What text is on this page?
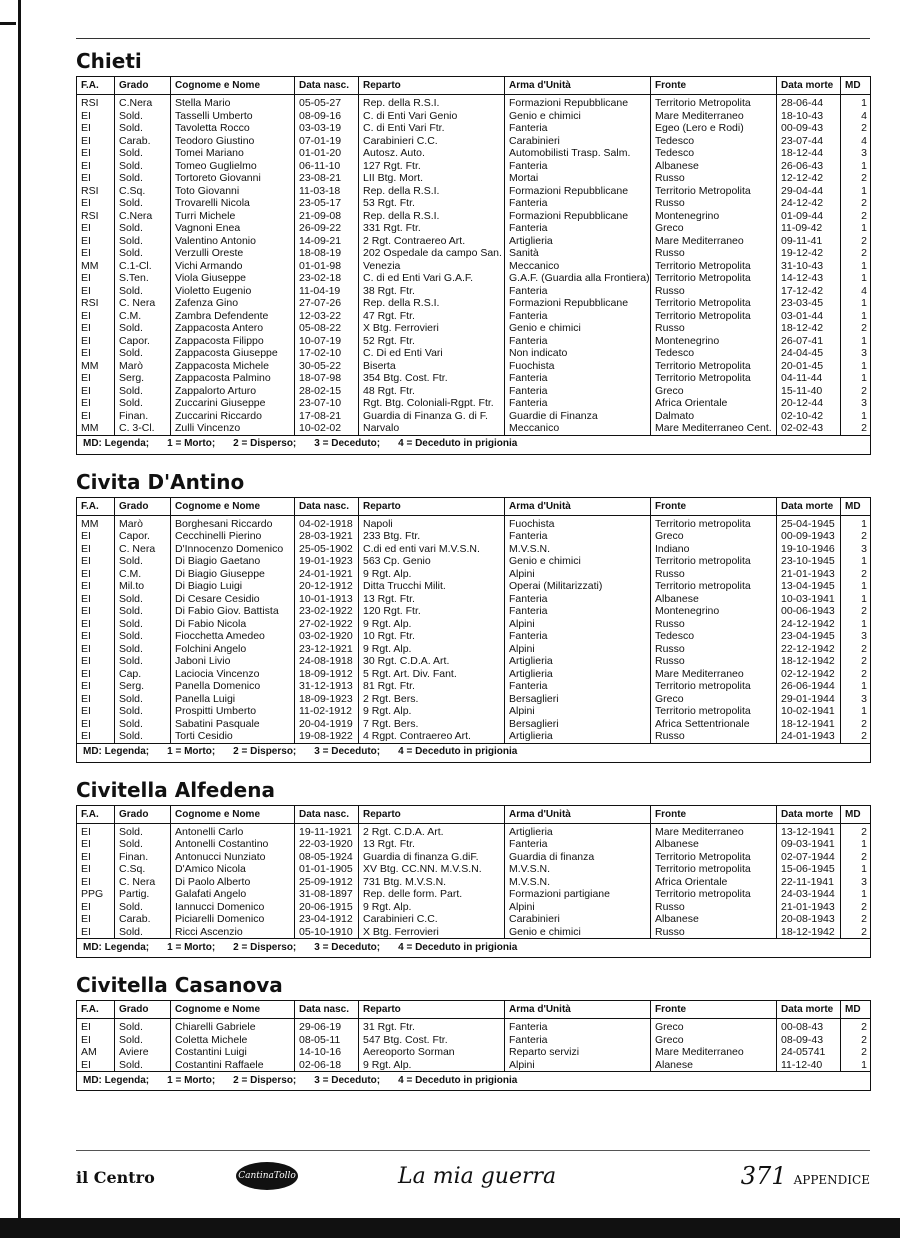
Chieti
F.A.	Grado	Cognome e Nome	Data nasc.	Reparto	Arma d'Unità	Fronte	Data morte	MD
RSI	C.Nera	Stella Mario	05-05-27	Rep. della R.S.I.	Formazioni Repubblicane	Territorio Metropolita	28-06-44	1
EI	Sold.	Tasselli Umberto	08-09-16	C. di Enti Vari Genio	Genio e chimici	Mare Mediterraneo	18-10-43	4
EI	Sold.	Tavoletta Rocco	03-03-19	C. di Enti Vari Ftr.	Fanteria	Egeo (Lero e Rodi)	00-09-43	2
EI	Carab.	Teodoro Giustino	07-01-19	Carabinieri C.C.	Carabinieri	Tedesco	23-07-44	4
EI	Sold.	Tomei Mariano	01-01-20	Autosz. Auto.	Automobilisti Trasp. Salm.	Tedesco	18-12-44	3
EI	Sold.	Tomeo Guglielmo	06-11-10	127 Rgt. Ftr.	Fanteria	Albanese	26-06-43	1
EI	Sold.	Tortoreto Giovanni	23-08-21	LII Btg. Mort.	Mortai	Russo	12-12-42	2
RSI	C.Sq.	Toto Giovanni	11-03-18	Rep. della R.S.I.	Formazioni Repubblicane	Territorio Metropolita	29-04-44	1
EI	Sold.	Trovarelli Nicola	23-05-17	53 Rgt. Ftr.	Fanteria	Russo	24-12-42	2
RSI	C.Nera	Turri Michele	21-09-08	Rep. della R.S.I.	Formazioni Repubblicane	Montenegrino	01-09-44	2
EI	Sold.	Vagnoni Enea	26-09-22	331 Rgt. Ftr.	Fanteria	Greco	11-09-42	1
EI	Sold.	Valentino Antonio	14-09-21	2 Rgt. Contraereo Art.	Artiglieria	Mare Mediterraneo	09-11-41	2
EI	Sold.	Verzulli Oreste	18-08-19	202 Ospedale da campo San.	Sanità	Russo	19-12-42	2
MM	C.1-Cl.	Vichi Armando	01-01-98	Venezia	Meccanico	Territorio Metropolita	31-10-43	1
EI	S.Ten.	Viola Giuseppe	23-02-18	C. di ed Enti Vari G.A.F.	G.A.F. (Guardia alla Frontiera)	Territorio Metropolita	14-12-43	1
EI	Sold.	Violetto Eugenio	11-04-19	38 Rgt. Ftr.	Fanteria	Russo	17-12-42	4
RSI	C. Nera	Zafenza Gino	27-07-26	Rep. della R.S.I.	Formazioni Repubblicane	Territorio Metropolita	23-03-45	1
EI	C.M.	Zambra Defendente	12-03-22	47 Rgt. Ftr.	Fanteria	Territorio Metropolita	03-01-44	1
EI	Sold.	Zappacosta Antero	05-08-22	X Btg. Ferrovieri	Genio e chimici	Russo	18-12-42	2
EI	Capor.	Zappacosta Filippo	10-07-19	52 Rgt. Ftr.	Fanteria	Montenegrino	26-07-41	1
EI	Sold.	Zappacosta Giuseppe	17-02-10	C. Di ed Enti Vari	Non indicato	Tedesco	24-04-45	3
MM	Marò	Zappacosta Michele	30-05-22	Biserta	Fuochista	Territorio Metropolita	20-01-45	1
EI	Serg.	Zappacosta Palmino	18-07-98	354 Btg. Cost. Ftr.	Fanteria	Territorio Metropolita	04-11-44	1
EI	Sold.	Zappalorto Arturo	28-02-15	48 Rgt. Ftr.	Fanteria	Greco	15-11-40	2
EI	Sold.	Zuccarini Giuseppe	23-07-10	Rgt. Btg. Coloniali-Rgpt. Ftr.	Fanteria	Africa Orientale	20-12-44	3
EI	Finan.	Zuccarini Riccardo	17-08-21	Guardia di Finanza G. di F.	Guardie di Finanza	Dalmato	02-10-42	1
MM	C. 3-Cl.	Zulli Vincenzo	10-02-02	Narvalo	Meccanico	Mare Mediterraneo Cent.	02-02-43	2
MD: Legenda; 1 = Morto; 2 = Disperso; 3 = Deceduto; 4 = Deceduto in prigionia								
Civita D'Antino
F.A.	Grado	Cognome e Nome	Data nasc.	Reparto	Arma d'Unità	Fronte	Data morte	MD
MM	Marò	Borghesani Riccardo	04-02-1918	Napoli	Fuochista	Territorio metropolita	25-04-1945	1
EI	Capor.	Cecchinelli Pierino	28-03-1921	233 Btg. Ftr.	Fanteria	Greco	00-09-1943	2
EI	C. Nera	D'Innocenzo Domenico	25-05-1902	C.di ed enti vari M.V.S.N.	M.V.S.N.	Indiano	19-10-1946	3
EI	Sold.	Di Biagio Gaetano	19-01-1923	563 Cp. Genio	Genio e chimici	Territorio metropolita	23-10-1945	1
EI	C.M.	Di Biagio Giuseppe	24-01-1921	9 Rgt. Alp.	Alpini	Russo	21-01-1943	2
EI	Mil.to	Di Biagio Luigi	20-12-1912	Ditta Trucchi Milit.	Operai (Militarizzati)	Territorio metropolita	13-04-1945	1
EI	Sold.	Di Cesare Cesidio	10-01-1913	13 Rgt. Ftr.	Fanteria	Albanese	10-03-1941	1
EI	Sold.	Di Fabio Giov. Battista	23-02-1922	120 Rgt. Ftr.	Fanteria	Montenegrino	00-06-1943	2
EI	Sold.	Di Fabio Nicola	27-02-1922	9 Rgt. Alp.	Alpini	Russo	24-12-1942	1
EI	Sold.	Fiocchetta Amedeo	03-02-1920	10 Rgt. Ftr.	Fanteria	Tedesco	23-04-1945	3
EI	Sold.	Folchini Angelo	23-12-1921	9 Rgt. Alp.	Alpini	Russo	22-12-1942	2
EI	Sold.	Jaboni Livio	24-08-1918	30 Rgt. C.D.A. Art.	Artiglieria	Russo	18-12-1942	2
EI	Cap.	Laciocia Vincenzo	18-09-1912	5 Rgt. Art. Div. Fant.	Artiglieria	Mare Mediterraneo	02-12-1942	2
EI	Serg.	Panella Domenico	31-12-1913	81 Rgt. Ftr.	Fanteria	Territorio metropolita	26-06-1944	1
EI	Sold.	Panella Luigi	18-09-1923	2 Rgt. Bers.	Bersaglieri	Greco	29-01-1944	3
EI	Sold.	Prospitti Umberto	11-02-1912	9 Rgt. Alp.	Alpini	Territorio metropolita	10-02-1941	1
EI	Sold.	Sabatini Pasquale	20-04-1919	7 Rgt. Bers.	Bersaglieri	Africa Settentrionale	18-12-1941	2
EI	Sold.	Torti Cesidio	19-08-1922	4 Rgpt. Contraereo Art.	Artiglieria	Russo	24-01-1943	2
MD: Legenda; 1 = Morto; 2 = Disperso; 3 = Deceduto; 4 = Deceduto in prigionia								
Civitella Alfedena
F.A.	Grado	Cognome e Nome	Data nasc.	Reparto	Arma d'Unità	Fronte	Data morte	MD
EI	Sold.	Antonelli Carlo	19-11-1921	2 Rgt. C.D.A. Art.	Artiglieria	Mare Mediterraneo	13-12-1941	2
EI	Sold.	Antonelli Costantino	22-03-1920	13 Rgt. Ftr.	Fanteria	Albanese	09-03-1941	1
EI	Finan.	Antonucci Nunziato	08-05-1924	Guardia di finanza G.diF.	Guardia di finanza	Territorio Metropolita	02-07-1944	2
EI	C.Sq.	D'Amico Nicola	01-01-1905	XV Btg. CC.NN. M.V.S.N.	M.V.S.N.	Territorio metropolita	15-06-1945	1
EI	C. Nera	Di Paolo Alberto	25-09-1912	731 Btg. M.V.S.N.	M.V.S.N.	Africa Orientale	22-11-1941	3
PPG	Partig.	Galafati Angelo	31-08-1897	Rep. delle form. Part.	Formazioni partigiane	Territorio metropolita	24-03-1944	1
EI	Sold.	Iannucci Domenico	20-06-1915	9 Rgt. Alp.	Alpini	Russo	21-01-1943	2
EI	Carab.	Piciarelli Domenico	23-04-1912	Carabinieri C.C.	Carabinieri	Albanese	20-08-1943	2
EI	Sold.	Ricci Ascenzio	05-10-1910	X Btg. Ferrovieri	Genio e chimici	Russo	18-12-1942	2
MD: Legenda; 1 = Morto; 2 = Disperso; 3 = Deceduto; 4 = Deceduto in prigionia								
Civitella Casanova
F.A.	Grado	Cognome e Nome	Data nasc.	Reparto	Arma d'Unità	Fronte	Data morte	MD
EI	Sold.	Chiarelli Gabriele	29-06-19	31 Rgt. Ftr.	Fanteria	Greco	00-08-43	2
EI	Sold.	Coletta Michele	08-05-11	547 Btg. Cost. Ftr.	Fanteria	Greco	08-09-43	2
AM	Aviere	Costantini Luigi	14-10-16	Aereoporto Sorman	Reparto servizi	Mare Mediterraneo	24-05741	2
EI	Sold.	Costantini Raffaele	02-06-18	9 Rgt. Alp.	Alpini	Alanese	11-12-40	1
MD: Legenda; 1 = Morto; 2 = Disperso; 3 = Deceduto; 4 = Deceduto in prigionia								
il Centro	CantinaTollo	La mia guerra	371 APPENDICE
